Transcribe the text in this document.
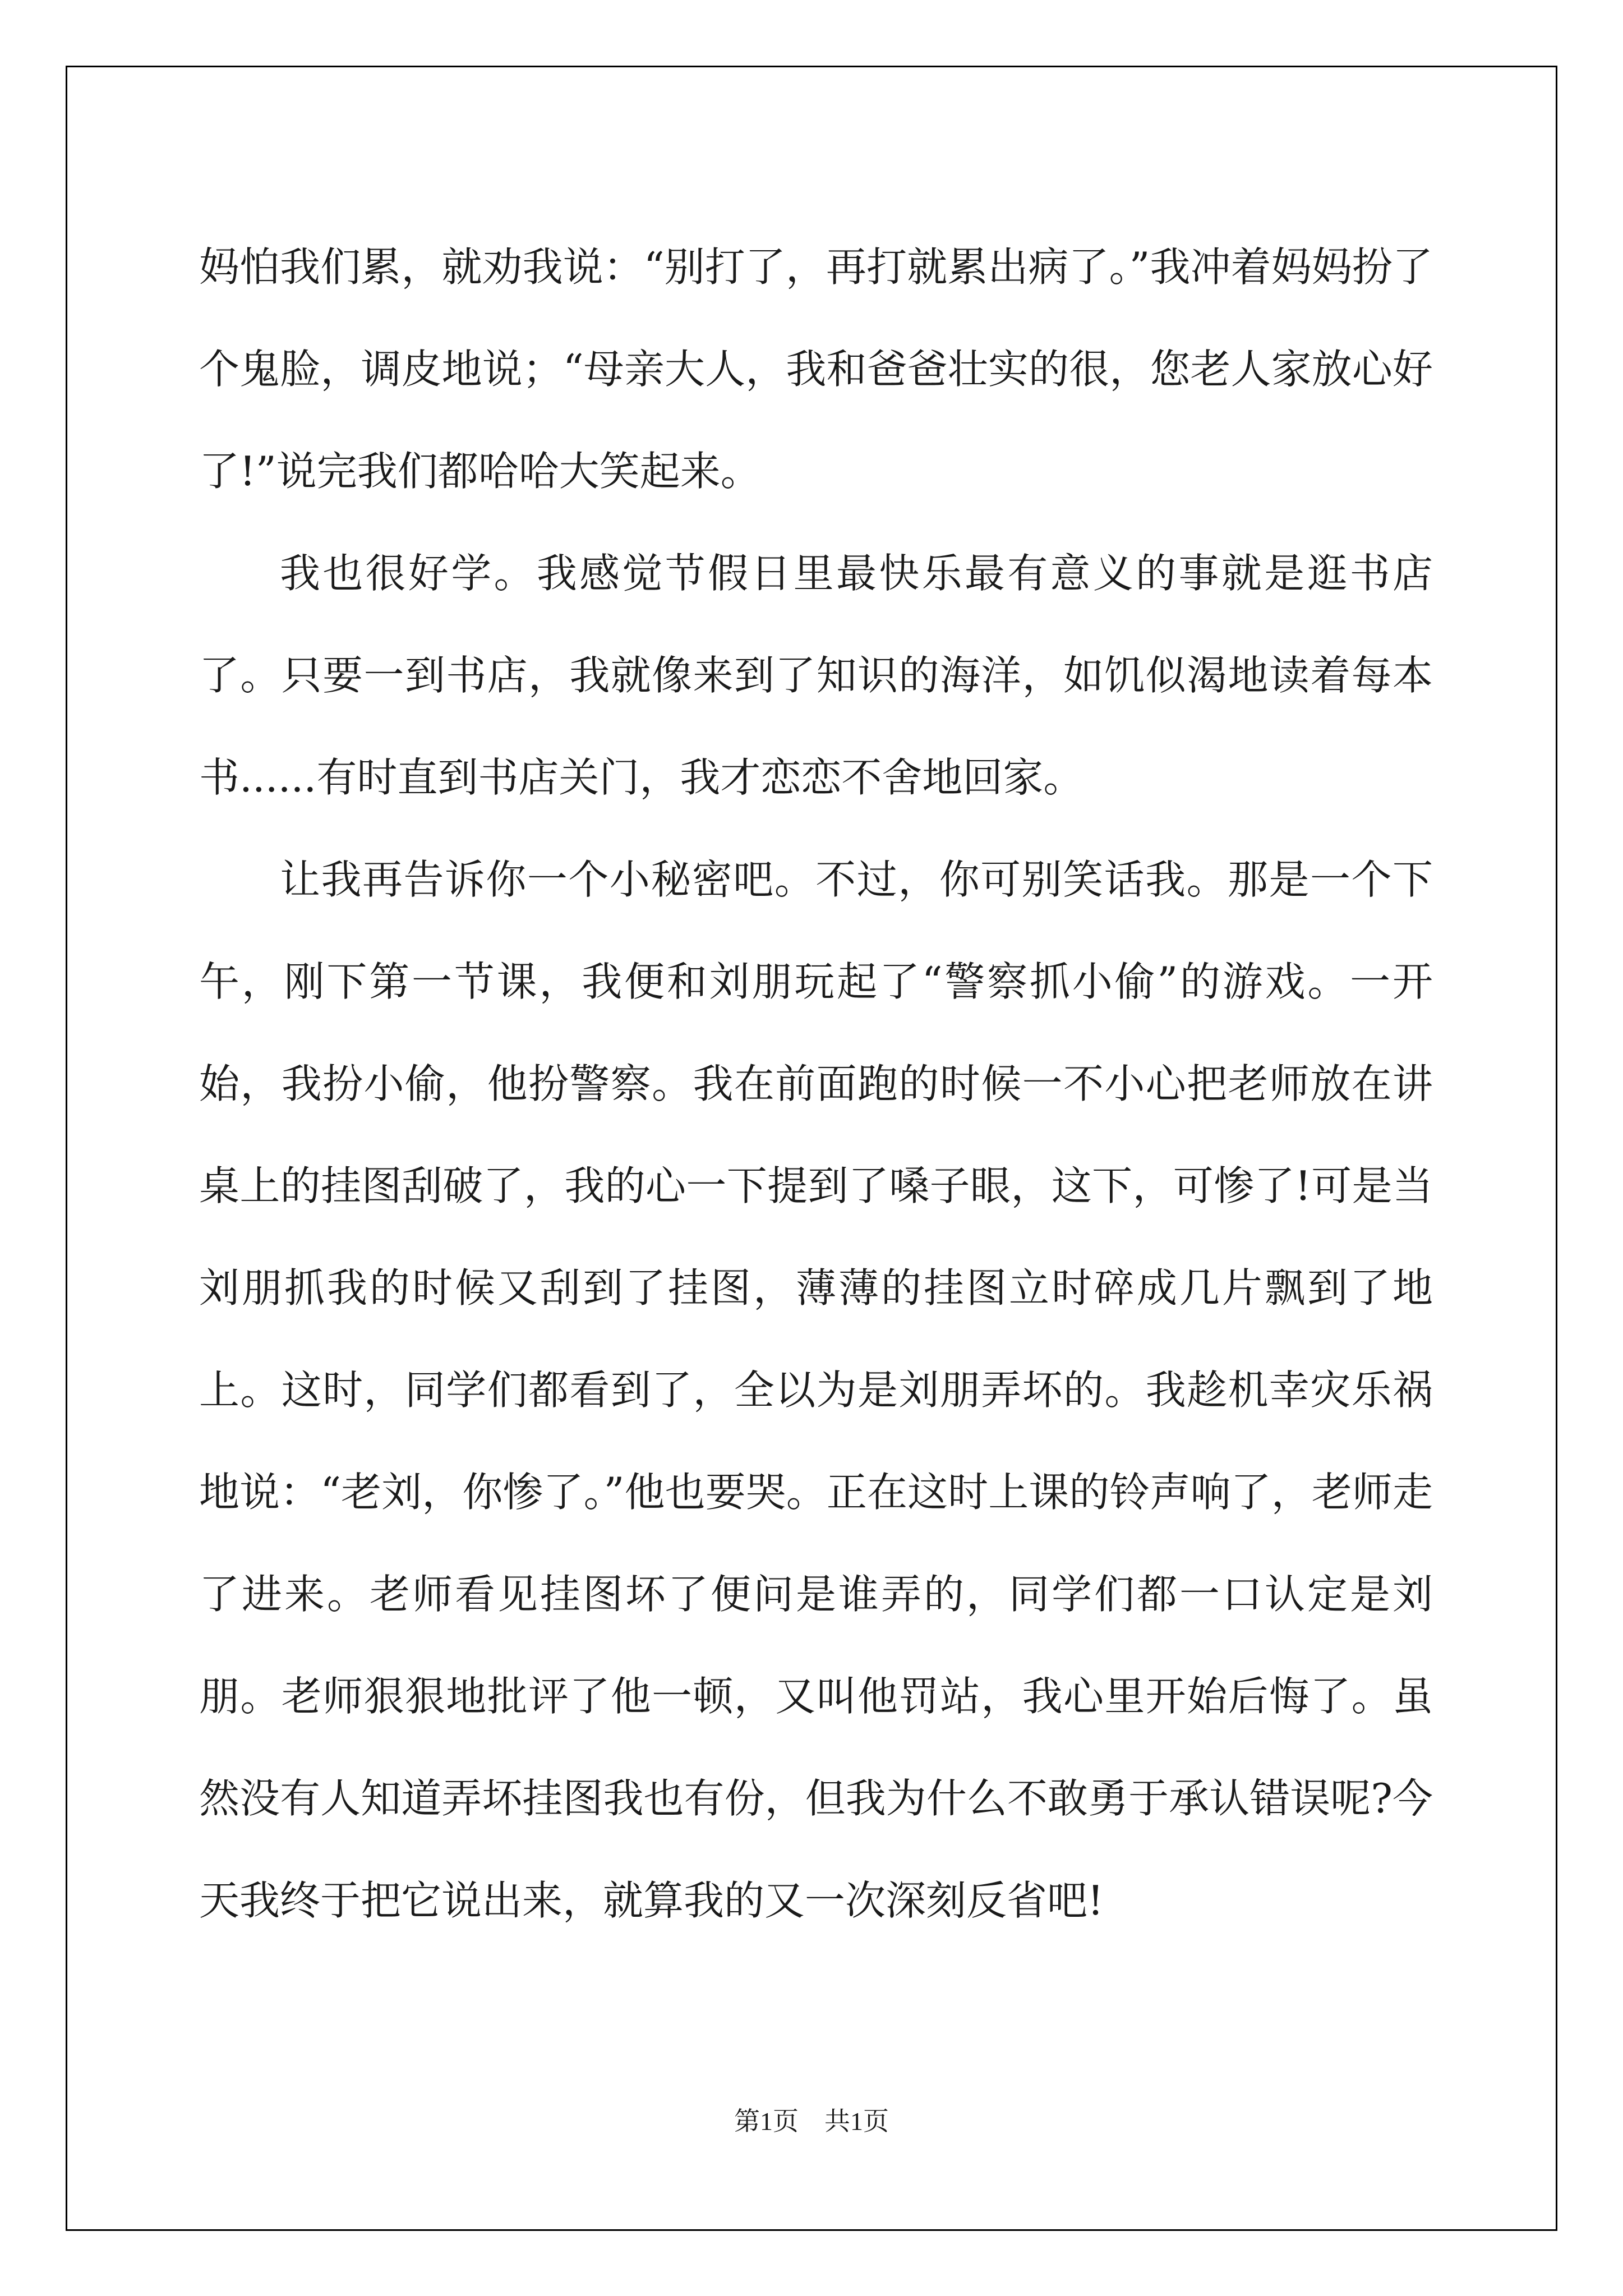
妈怕我们累，就劝我说：“别打了，再打就累出病了。”我冲着妈妈扮了个鬼脸，调皮地说；“母亲大人，我和爸爸壮实的很，您老人家放心好了!”说完我们都哈哈大笑起来。

我也很好学。我感觉节假日里最快乐最有意义的事就是逛书店了。只要一到书店，我就像来到了知识的海洋，如饥似渴地读着每本书......有时直到书店关门，我才恋恋不舍地回家。

让我再告诉你一个小秘密吧。不过，你可别笑话我。那是一个下午，刚下第一节课，我便和刘朋玩起了“警察抓小偷”的游戏。一开始，我扮小偷，他扮警察。我在前面跑的时候一不小心把老师放在讲桌上的挂图刮破了，我的心一下提到了嗓子眼，这下，可惨了!可是当刘朋抓我的时候又刮到了挂图，薄薄的挂图立时碎成几片飘到了地上。这时，同学们都看到了，全以为是刘朋弄坏的。我趁机幸灾乐祸地说：“老刘，你惨了。”他也要哭。正在这时上课的铃声响了，老师走了进来。老师看见挂图坏了便问是谁弄的，同学们都一口认定是刘朋。老师狠狠地批评了他一顿，又叫他罚站，我心里开始后悔了。虽然没有人知道弄坏挂图我也有份，但我为什么不敢勇于承认错误呢?今天我终于把它说出来，就算我的又一次深刻反省吧!

第1页　共1页
